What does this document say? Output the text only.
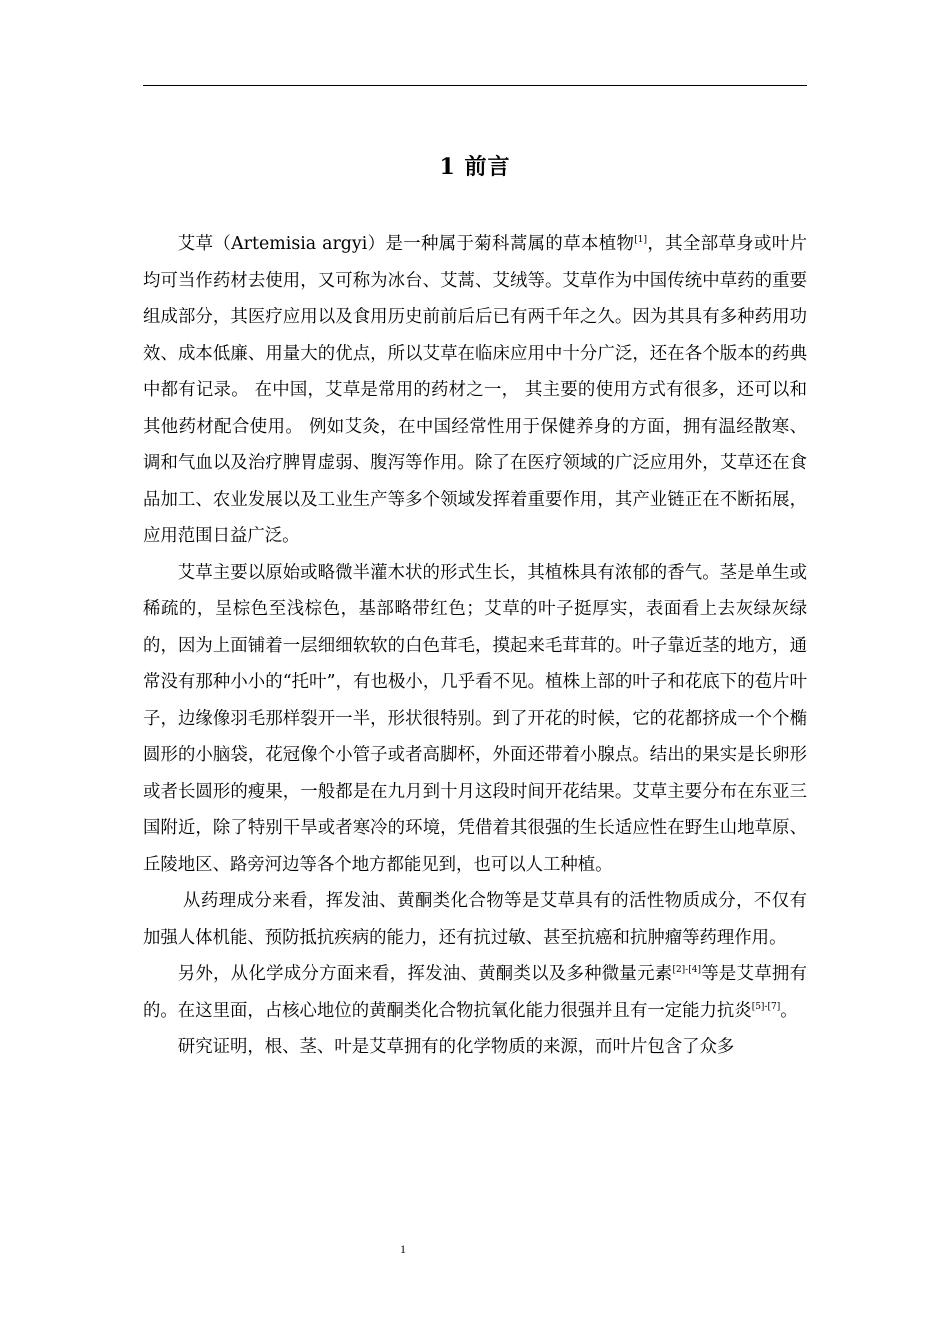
1 前言

艾草（Artemisia argyi）是一种属于菊科蒿属的草本植物[1]，其全部草身或叶片均可当作药材去使用，又可称为冰台、艾蒿、艾绒等。艾草作为中国传统中草药的重要组成部分，其医疗应用以及食用历史前前后后已有两千年之久。因为其具有多种药用功效、成本低廉、用量大的优点，所以艾草在临床应用中十分广泛，还在各个版本的药典中都有记录。 在中国，艾草是常用的药材之一， 其主要的使用方式有很多，还可以和其他药材配合使用。 例如艾灸，在中国经常性用于保健养身的方面，拥有温经散寒、调和气血以及治疗脾胃虚弱、腹泻等作用。除了在医疗领域的广泛应用外，艾草还在食品加工、农业发展以及工业生产等多个领域发挥着重要作用，其产业链正在不断拓展，应用范围日益广泛。

艾草主要以原始或略微半灌木状的形式生长，其植株具有浓郁的香气。茎是单生或稀疏的，呈棕色至浅棕色，基部略带红色；艾草的叶子挺厚实，表面看上去灰绿灰绿的，因为上面铺着一层细细软软的白色茸毛，摸起来毛茸茸的。叶子靠近茎的地方，通常没有那种小小的“托叶”，有也极小，几乎看不见。植株上部的叶子和花底下的苞片叶子，边缘像羽毛那样裂开一半，形状很特别。到了开花的时候，它的花都挤成一个个椭圆形的小脑袋，花冠像个小管子或者高脚杯，外面还带着小腺点。结出的果实是长卵形或者长圆形的瘦果，一般都是在九月到十月这段时间开花结果。艾草主要分布在东亚三国附近，除了特别干旱或者寒冷的环境，凭借着其很强的生长适应性在野生山地草原、丘陵地区、路旁河边等各个地方都能见到，也可以人工种植。

从药理成分来看，挥发油、黄酮类化合物等是艾草具有的活性物质成分，不仅有加强人体机能、预防抵抗疾病的能力，还有抗过敏、甚至抗癌和抗肿瘤等药理作用。

另外，从化学成分方面来看，挥发油、黄酮类以及多种微量元素[2]-[4]等是艾草拥有的。在这里面，占核心地位的黄酮类化合物抗氧化能力很强并且有一定能力抗炎[5]-[7]。

研究证明，根、茎、叶是艾草拥有的化学物质的来源，而叶片包含了众多

1
